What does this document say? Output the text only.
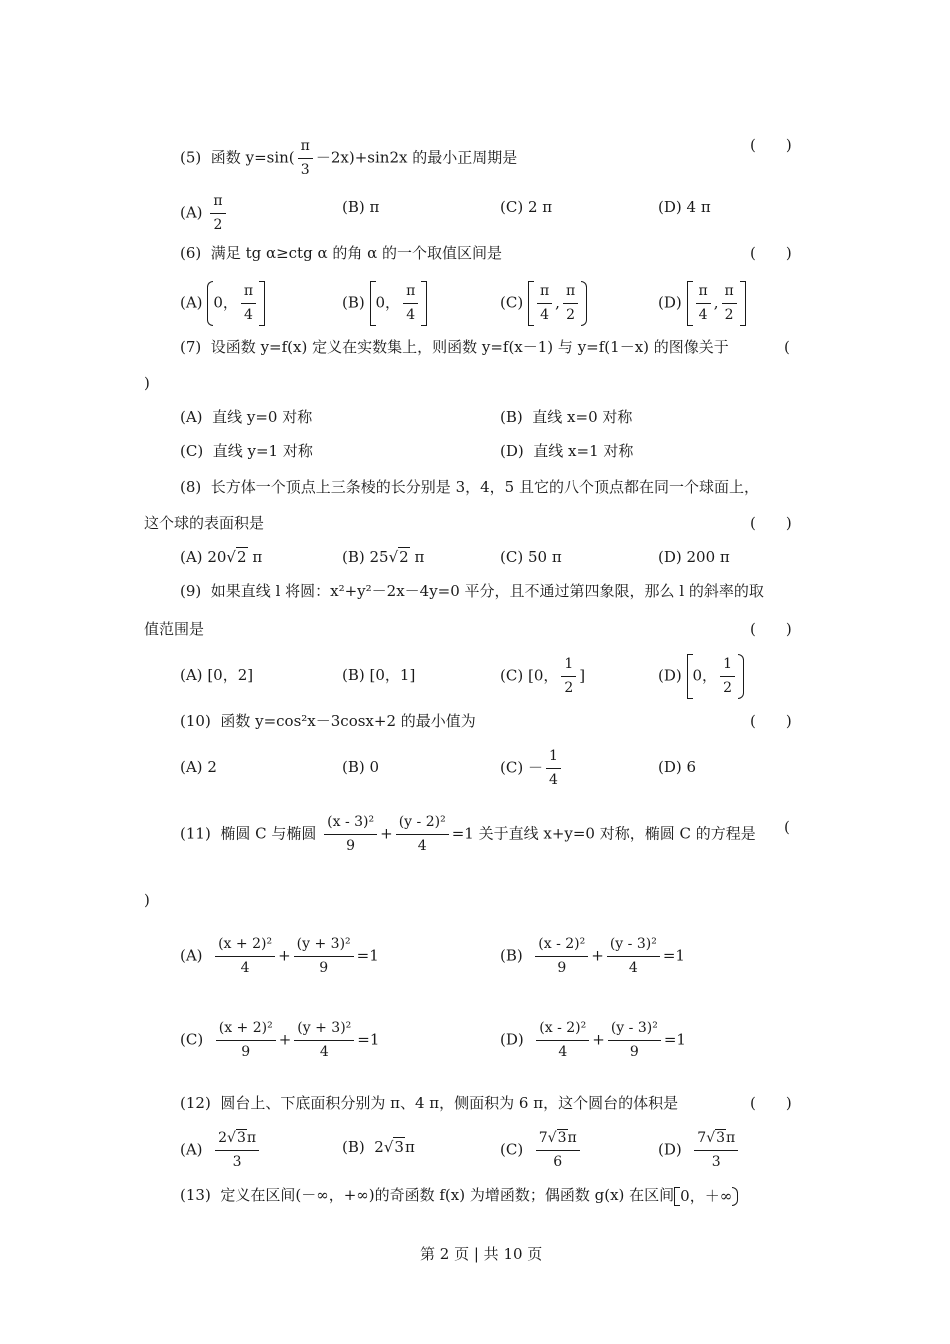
(5) 函数 $y=\sin( \frac{\pi}{3} -2x)+\sin 2x$ 的最小正周期是
(　　)
$(A) \frac{\pi}{2}$	(B) π	(C) 2 π	(D) 4 π
(6) 满足 tg α≥ctg α 的角 α 的一个取值区间是	(　　)
(A) 0， $\frac{\pi}{4}$	(B) 0， $\frac{\pi}{4}$	$(C) \frac{\pi}{4}$ , $\frac{\pi}{2}$	$(D) \frac{\pi}{4}$ , $\frac{\pi}{2}$
(7) 设函数 y=f(x) 定义在实数集上，则函数 y=f(x－1) 与 y=f(1－x) 的图像关于	(
)
(A) 直线 y=0 对称	(B) 直线 x=0 对称
(C) 直线 y=1 对称	(D) 直线 x=1 对称
(8) 长方体一个顶点上三条棱的长分别是 3，4，5 且它的八个顶点都在同一个球面上，
这个球的表面积是	(　　)
(A) 20√2 π	(B) 25√2 π	(C) 50 π	(D) 200 π
(9) 如果直线 l 将圆：x²+y²－2x－4y=0 平分，且不通过第四象限，那么 l 的斜率的取
值范围是	(　　)
(A) [0，2]	(B) [0，1]	(C) [0， $\frac{1}{2}$ ]	(D) 0， $\frac{1}{2}$
(10) 函数 y=cos²x－3cosx+2 的最小值为	(　　)
(A) 2	(B) 0	$(C) - \frac{1}{4}$	(D) 6
(11) 椭圆 C 与椭圆 $\frac{\text{(x - 3)²}}{9} + \frac{\text{(y - 2)²}}{4} =1$ 关于直线 x+y=0 对称，椭圆 C 的方程是 (
)
$(A) \frac{\text{(x + 2)²}}{4} + \frac{\text{(y + 3)²}}{9} =1$	$(B) \frac{\text{(x - 2)²}}{9} + \frac{\text{(y - 3)²}}{4} =1$
$(C) \frac{\text{(x + 2)²}}{9} + \frac{\text{(y + 3)²}}{4} =1$	$(D) \frac{\text{(x - 2)²}}{4} + \frac{\text{(y - 3)²}}{9} =1$
(12) 圆台上、下底面积分别为 π、4 π，侧面积为 6 π，这个圆台的体积是	(　　)
$(A) \frac{2√3\pi}{3}$	(B) 2√3π	$(C) \frac{7√3\pi}{6}$	$(D) \frac{7√3\pi}{3}$
(13) 定义在区间(－∞，+∞)的奇函数 f(x) 为增函数；偶函数 g(x) 在区间 0，＋∞
第 2 页 | 共 10 页
